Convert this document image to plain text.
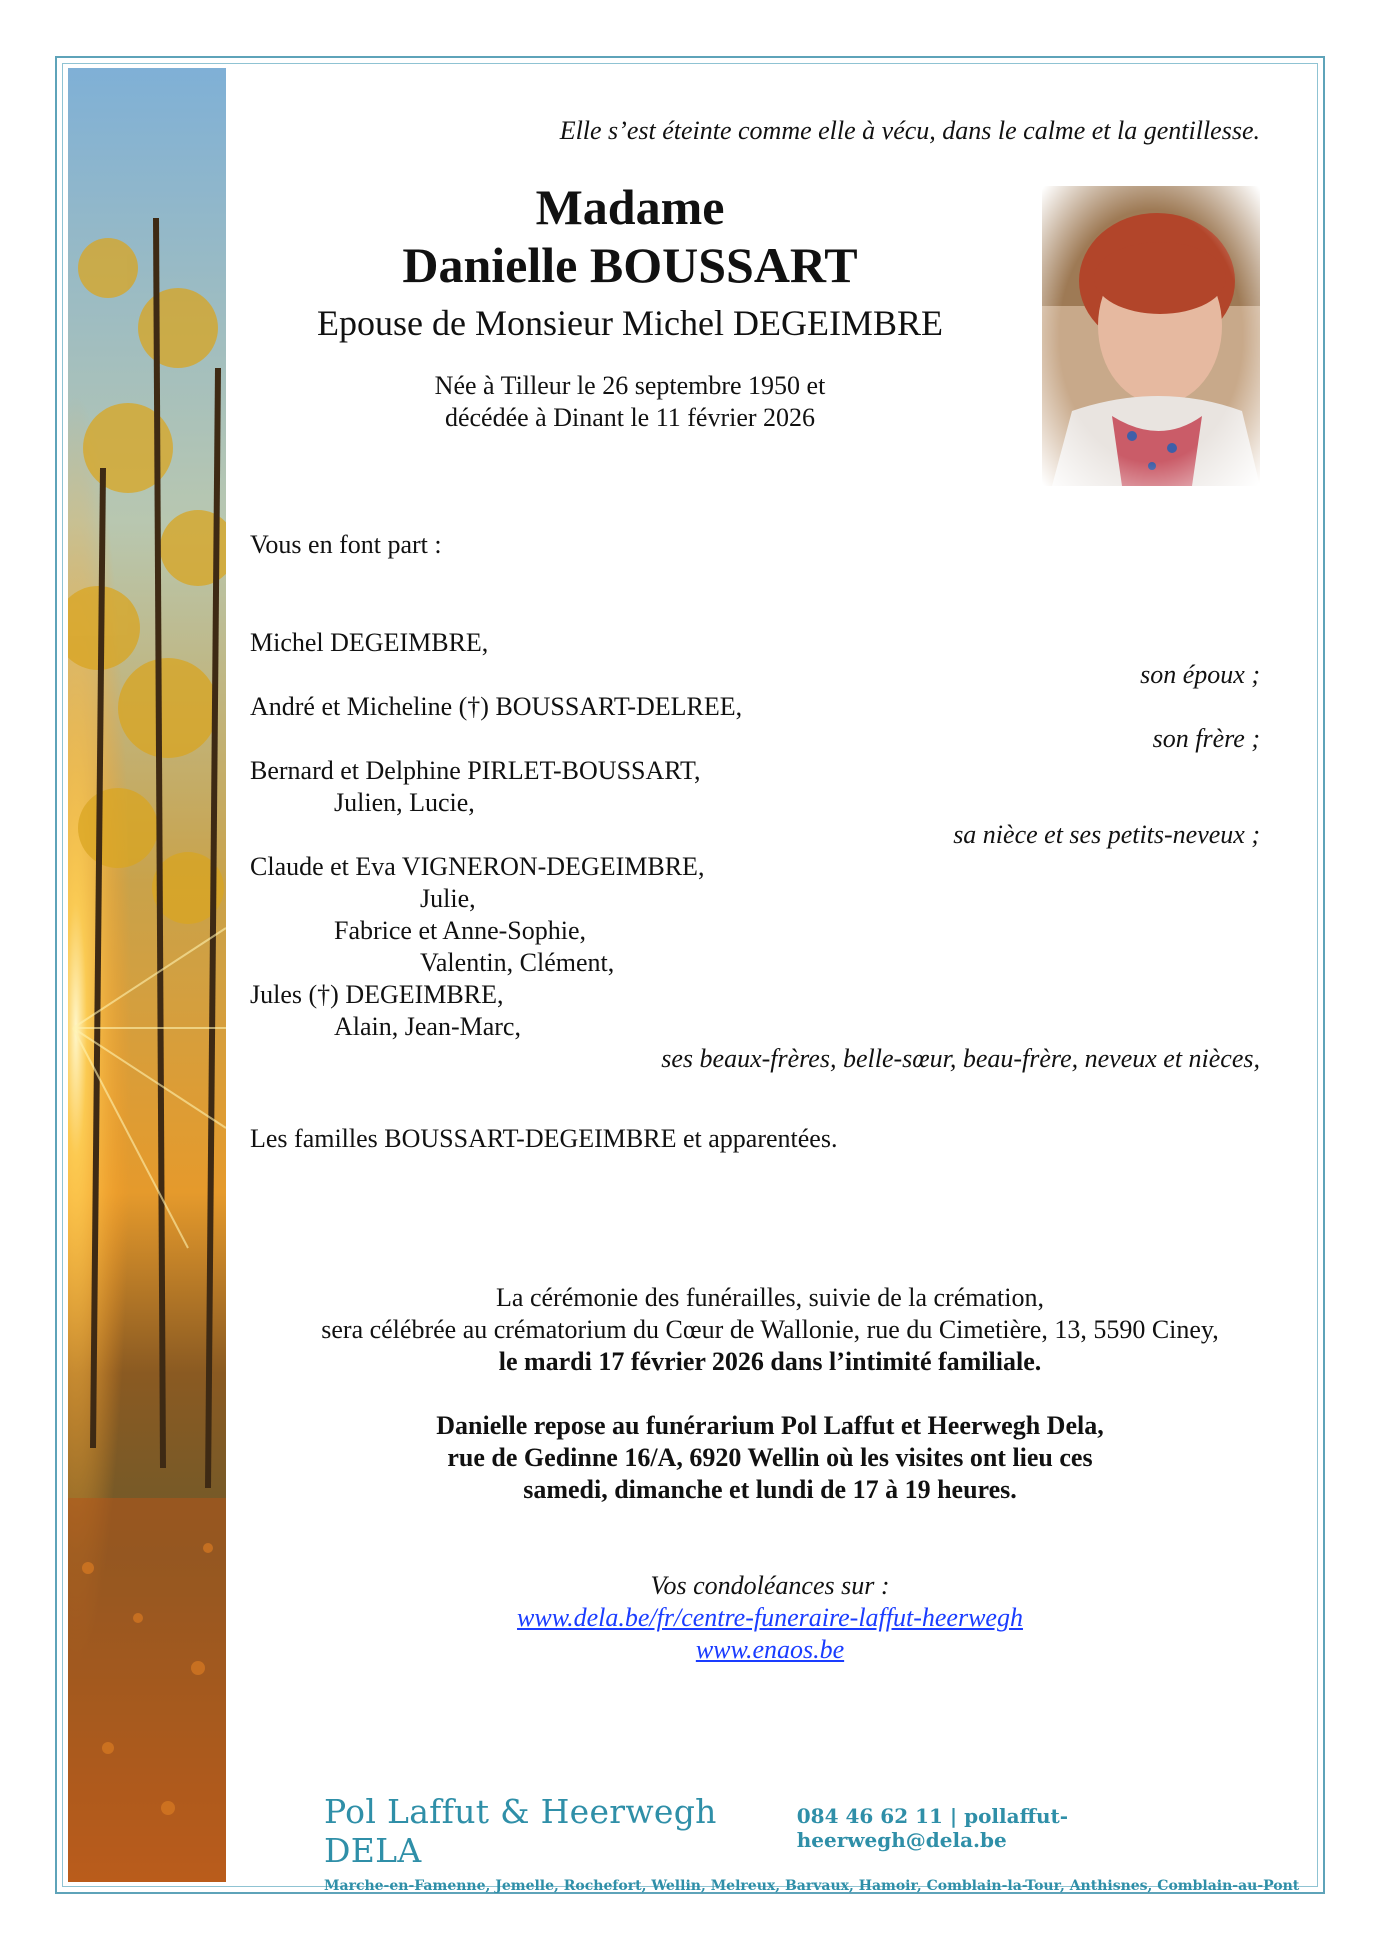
Elle s’est éteinte comme elle à vécu, dans le calme et la gentillesse.
Madame
Danielle BOUSSART
Epouse de Monsieur Michel DEGEIMBRE
Née à Tilleur le 26 septembre 1950 et
décédée à Dinant le 11 février 2026
Vous en font part :
Michel DEGEIMBRE,
son époux ;
André et Micheline (†) BOUSSART-DELREE,
son frère ;
Bernard et Delphine PIRLET-BOUSSART,
Julien, Lucie,
sa nièce et ses petits-neveux ;
Claude et Eva VIGNERON-DEGEIMBRE,
Julie,
Fabrice et Anne-Sophie,
Valentin, Clément,
Jules (†) DEGEIMBRE,
Alain, Jean-Marc,
ses beaux-frères, belle-sœur, beau-frère, neveux et nièces,
Les familles BOUSSART-DEGEIMBRE et apparentées.
La cérémonie des funérailles, suivie de la crémation,
sera célébrée au crématorium du Cœur de Wallonie, rue du Cimetière, 13, 5590 Ciney,
le mardi 17 février 2026 dans l’intimité familiale.
Danielle repose au funérarium Pol Laffut et Heerwegh Dela,
rue de Gedinne 16/A, 6920 Wellin où les visites ont lieu ces
samedi, dimanche et lundi de 17 à 19 heures.
Vos condoléances sur :
www.dela.be/fr/centre-funeraire-laffut-heerwegh
www.enaos.be
Pol Laffut & Heerwegh DELA
084 46 62 11 | pollaffut-heerwegh@dela.be
Marche-en-Famenne, Jemelle, Rochefort, Wellin, Melreux, Barvaux, Hamoir, Comblain-la-Tour, Anthisnes, Comblain-au-Pont
